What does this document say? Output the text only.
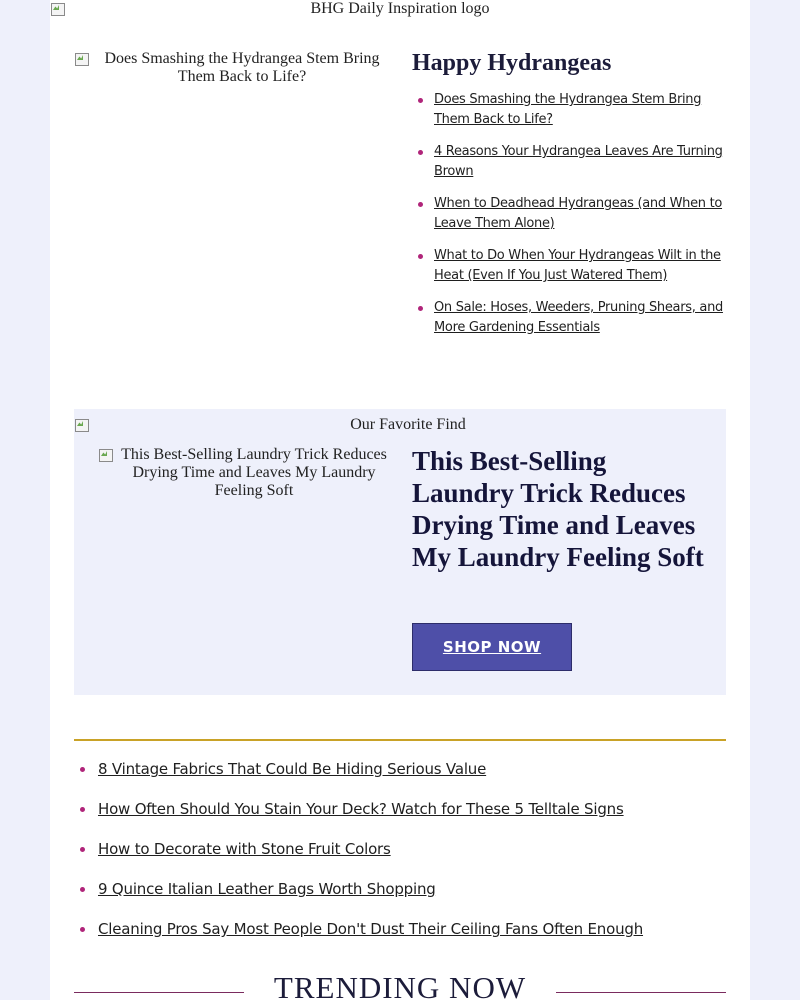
BHG Daily Inspiration logo
Does Smashing the Hydrangea Stem Bring Them Back to Life?
Happy Hydrangeas
Does Smashing the Hydrangea Stem Bring Them Back to Life?
4 Reasons Your Hydrangea Leaves Are Turning Brown
When to Deadhead Hydrangeas (and When to Leave Them Alone)
What to Do When Your Hydrangeas Wilt in the Heat (Even If You Just Watered Them)
On Sale: Hoses, Weeders, Pruning Shears, and More Gardening Essentials
Our Favorite Find
This Best-Selling Laundry Trick Reduces Drying Time and Leaves My Laundry Feeling Soft
This Best-Selling Laundry Trick Reduces Drying Time and Leaves My Laundry Feeling Soft
SHOP NOW
8 Vintage Fabrics That Could Be Hiding Serious Value
How Often Should You Stain Your Deck? Watch for These 5 Telltale Signs
How to Decorate with Stone Fruit Colors
9 Quince Italian Leather Bags Worth Shopping
Cleaning Pros Say Most People Don't Dust Their Ceiling Fans Often Enough
TRENDING NOW
